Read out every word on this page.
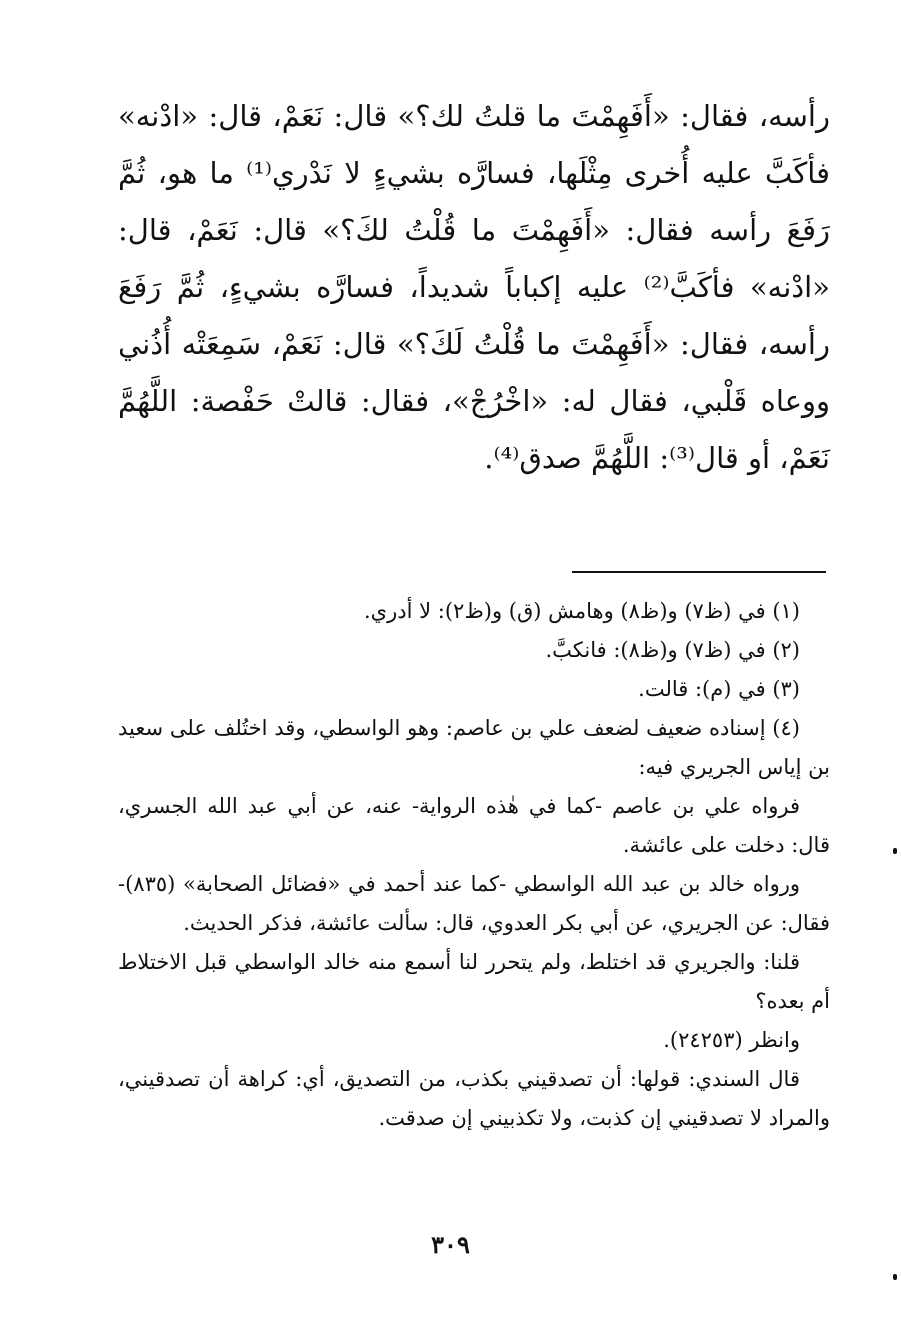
رأسه، فقال: «أَفَهِمْتَ ما قلتُ لك؟» قال: نَعَمْ، قال: «ادْنه» فأكَبَّ عليه أُخرى مِثْلَها، فسارَّه بشيءٍ لا نَدْري⁽¹⁾ ما هو، ثُمَّ رَفَعَ رأسه فقال: «أَفَهِمْتَ ما قُلْتُ لكَ؟» قال: نَعَمْ، قال: «ادْنه» فأكَبَّ⁽²⁾ عليه إكباباً شديداً، فسارَّه بشيءٍ، ثُمَّ رَفَعَ رأسه، فقال: «أَفَهِمْتَ ما قُلْتُ لَكَ؟» قال: نَعَمْ، سَمِعَتْه أُذُني ووعاه قَلْبي، فقال له: «اخْرُجْ»، فقال: قالتْ حَفْصة: اللَّهُمَّ نَعَمْ، أو قال⁽³⁾: اللَّهُمَّ صدق⁽⁴⁾.

(١) في (ظ٧) و(ظ٨) وهامش (ق) و(ظ٢): لا أدري.

(٢) في (ظ٧) و(ظ٨): فانكبَّ.

(٣) في (م): قالت.

(٤) إسناده ضعيف لضعف علي بن عاصم: وهو الواسطي، وقد اختُلف على سعيد بن إياس الجريري فيه:

فرواه علي بن عاصم -كما في هٰذه الرواية- عنه، عن أبي عبد الله الجسري، قال: دخلت على عائشة.

ورواه خالد بن عبد الله الواسطي -كما عند أحمد في «فضائل الصحابة» (٨٣٥)- فقال: عن الجريري، عن أبي بكر العدوي، قال: سألت عائشة، فذكر الحديث.

قلنا: والجريري قد اختلط، ولم يتحرر لنا أسمع منه خالد الواسطي قبل الاختلاط أم بعده؟

وانظر (٢٤٢٥٣).

قال السندي: قولها: أن تصدقيني بكذب، من التصديق، أي: كراهة أن تصدقيني، والمراد لا تصدقيني إن كذبت، ولا تكذبيني إن صدقت.

٣٠٩
